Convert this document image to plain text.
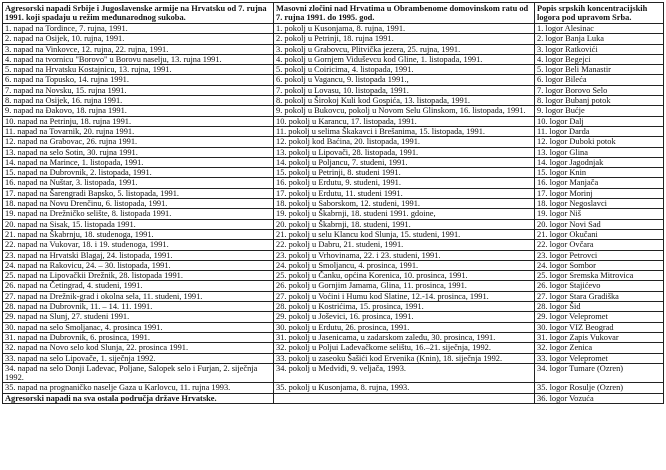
Agresorski napadi Srbije i Jugoslavenske armije na Hrvatsku od 7. rujna 1991. koji spadaju u režim međunarodnog sukoba.	Masovni zločini nad Hrvatima u Obrambenome domovinskom ratu od 7. rujna 1991. do 1995. god.	Popis srpskih koncentracijskih logora pod upravom Srba.
1. napad na Tordince, 7. rujna, 1991.	1. pokolj u Kusonjama, 8. rujna, 1991.	1. logor Alesinac
2. napad na Osijek, 10. rujna, 1991.	2. pokolj u Petrinji, 18. rujna 1991.	2. logor Banja Luka
3. napad na Vinkovce, 12. rujna, 22. rujna, 1991.	3. pokolj u Grabovcu, Plitvička jezera, 25. rujna, 1991.	3. logor Ratkovići
4. napad na tvornicu "Borovo" u Borovu naselju, 13. rujna 1991.	4. pokolj u Gornjem Viduševcu kod Gline, 1. listopada, 1991.	4. logor Begejci
5. napad na Hrvatsku Kostajnicu, 13. rujna, 1991.	5. pokolj u Coiricima, 4. listopada, 1991.	5. logor Beli Manastir
6. napad na Topusko, 14. rujna 1991.	6. pokolj u Vagancu, 9. listopada 1991.,	6. logor Bileća
7. napad na Novsku, 15. rujna 1991.	7. pokolj u Lovasu, 10. listopada, 1991.	7. logor Borovo Selo
8. napad na Osijek, 16. rujna 1991.	8. pokolj u Širokoj Kuli kod Gospića, 13. listopada, 1991.	8. logor Bubanj potok
9. napad na Đakovo, 18. rujna 1991.	9. pokolj u Bukovcu, pokolj u Novom Selu Glinskom, 16. listopada, 1991.	9. logor Bućje
10. napad na Petrinju, 18. rujna 1991.	10. pokolj u Karancu, 17. listopada, 1991.	10. logor Dalj
11. napad na Tovarnik, 20. rujna 1991.	11. pokolj u selima Škakavci i Brešanima, 15. listopada, 1991.	11. logor Darda
12. napad na Grabovac, 26. rujna 1991.	12. pokolj kod Baćina, 20. listopada, 1991.	12. logor Duboki potok
13. napad na selo Sotin, 30. rujna 1991.	13. pokolj u Lipovači, 28. listopada, 1991.	13. logor Glina
14. napad na Marince, 1. listopada, 1991.	14. pokolj u Poljancu, 7. studeni, 1991.	14. logor Jagodnjak
15. napad na Dubrovnik, 2. listopada, 1991.	15. pokolj u Petrinji, 8. studeni 1991.	15. logor Knin
16. napad na Nuštar, 3. listopada, 1991.	16. pokolj u Erdutu, 9. studeni, 1991.	16. logor Manjača
17. napad na Šarengradi Bapsko, 5. listopada, 1991.	17. pokolj u Erdutu, 11. studeni 1991.	17. logor Morinj
18. napad na Novu Drenčinu, 6. listopada, 1991.	18. pokolj u Saborskom, 12. studeni, 1991.	18. logor Negoslavci
19. napad na Drežničko selište, 8. listopada 1991.	19. pokolj u Škabrnji, 18. studeni 1991. gdoine,	19. logor Niš
20. napad na Sisak, 15. listopada 1991.	20. pokolj u Škabrnji, 18. studeni, 1991.	20. logor Novi Sad
21. napad na Škabrnju, 18. studenoga, 1991.	21. pokolj u selu Klancu kod Slunja, 15. studeni, 1991.	21. logor Okučani
22. napad na Vukovar, 18. i 19. studenoga, 1991.	22. pokolj u Dabru, 21. studeni, 1991.	22. logor Ovčara
23. napad na Hrvatski Blagaj, 24. listopada, 1991.	23. pokolj u Vrhovinama, 22. i 23. studeni, 1991.	23. logor Petrovci
24. napad na Rakovicu, 24. – 30. listopada, 1991.	24. pokolj u Smoljancu, 4. prosinca, 1991.	24. logor Sombor
25. napad na Lipovačkii Drežnik, 28. listopada 1991.	25. pokolj u Čanku, općina Korenica, 10. prosinca, 1991.	25. logor Sremska Mitrovica
26. napad na Četingrad, 4. studeni, 1991.	26. pokolj u Gornjim Jamama, Glina, 11. prosinca, 1991.	26. logor Stajićevo
27. napad na Drežnik-grad i okolna sela, 11. studeni, 1991.	27. pokolj u Voćini i Humu kod Slatine, 12.-14. prosinca, 1991.	27. logor Stara Gradiška
28. napad na Dubrovnik, 11. – 14. 11. 1991.	28. pokolj u Kostrićima, 15. prosinca, 1991.	28. logor Šid
29. napad na Slunj, 27. studeni 1991.	29. pokolj u Joševici, 16. prosinca, 1991.	29. logor Velepromet
30. napad na selo Smoljanac, 4. prosinca 1991.	30. pokolj u Erdutu, 26. prosinca, 1991.	30. logor VIZ Beograd
31. napad na Dubrovnik, 6. prosinca, 1991.	31. pokolj u Jasenicama, u zadarskom zaleđu, 30. prosinca, 1991.	31. logor Zapis Vukovar
32. napad na Novo selo kod Slunja, 22. prosinca 1991.	32. pokolj u Poljui Lađevačkome selištu, 16.–21. siječnja, 1992.	32. logor Zenica
33. napad na selo Lipovače, 1. siječnja 1992.	33. pokolj u zaseoku Šašići kod Ervenika (Knin), 18. siječnja 1992.	33. logor Velepromet
34. napad na selo Donji Lađevac, Poljane, Salopek selo i Furjan, 2. siječnja 1992.	34. pokolj u Medviđi, 9. veljača, 1993.	34. logor Tumare (Ozren)
35. napad na prognaničko naselje Gaza u Karlovcu, 11. rujna 1993.	35. pokolj u Kusonjama, 8. rujna, 1993.	35. logor Rosulje (Ozren)
Agresorski napadi na sva ostala područja države Hrvatske.		36. logor Vozuća
